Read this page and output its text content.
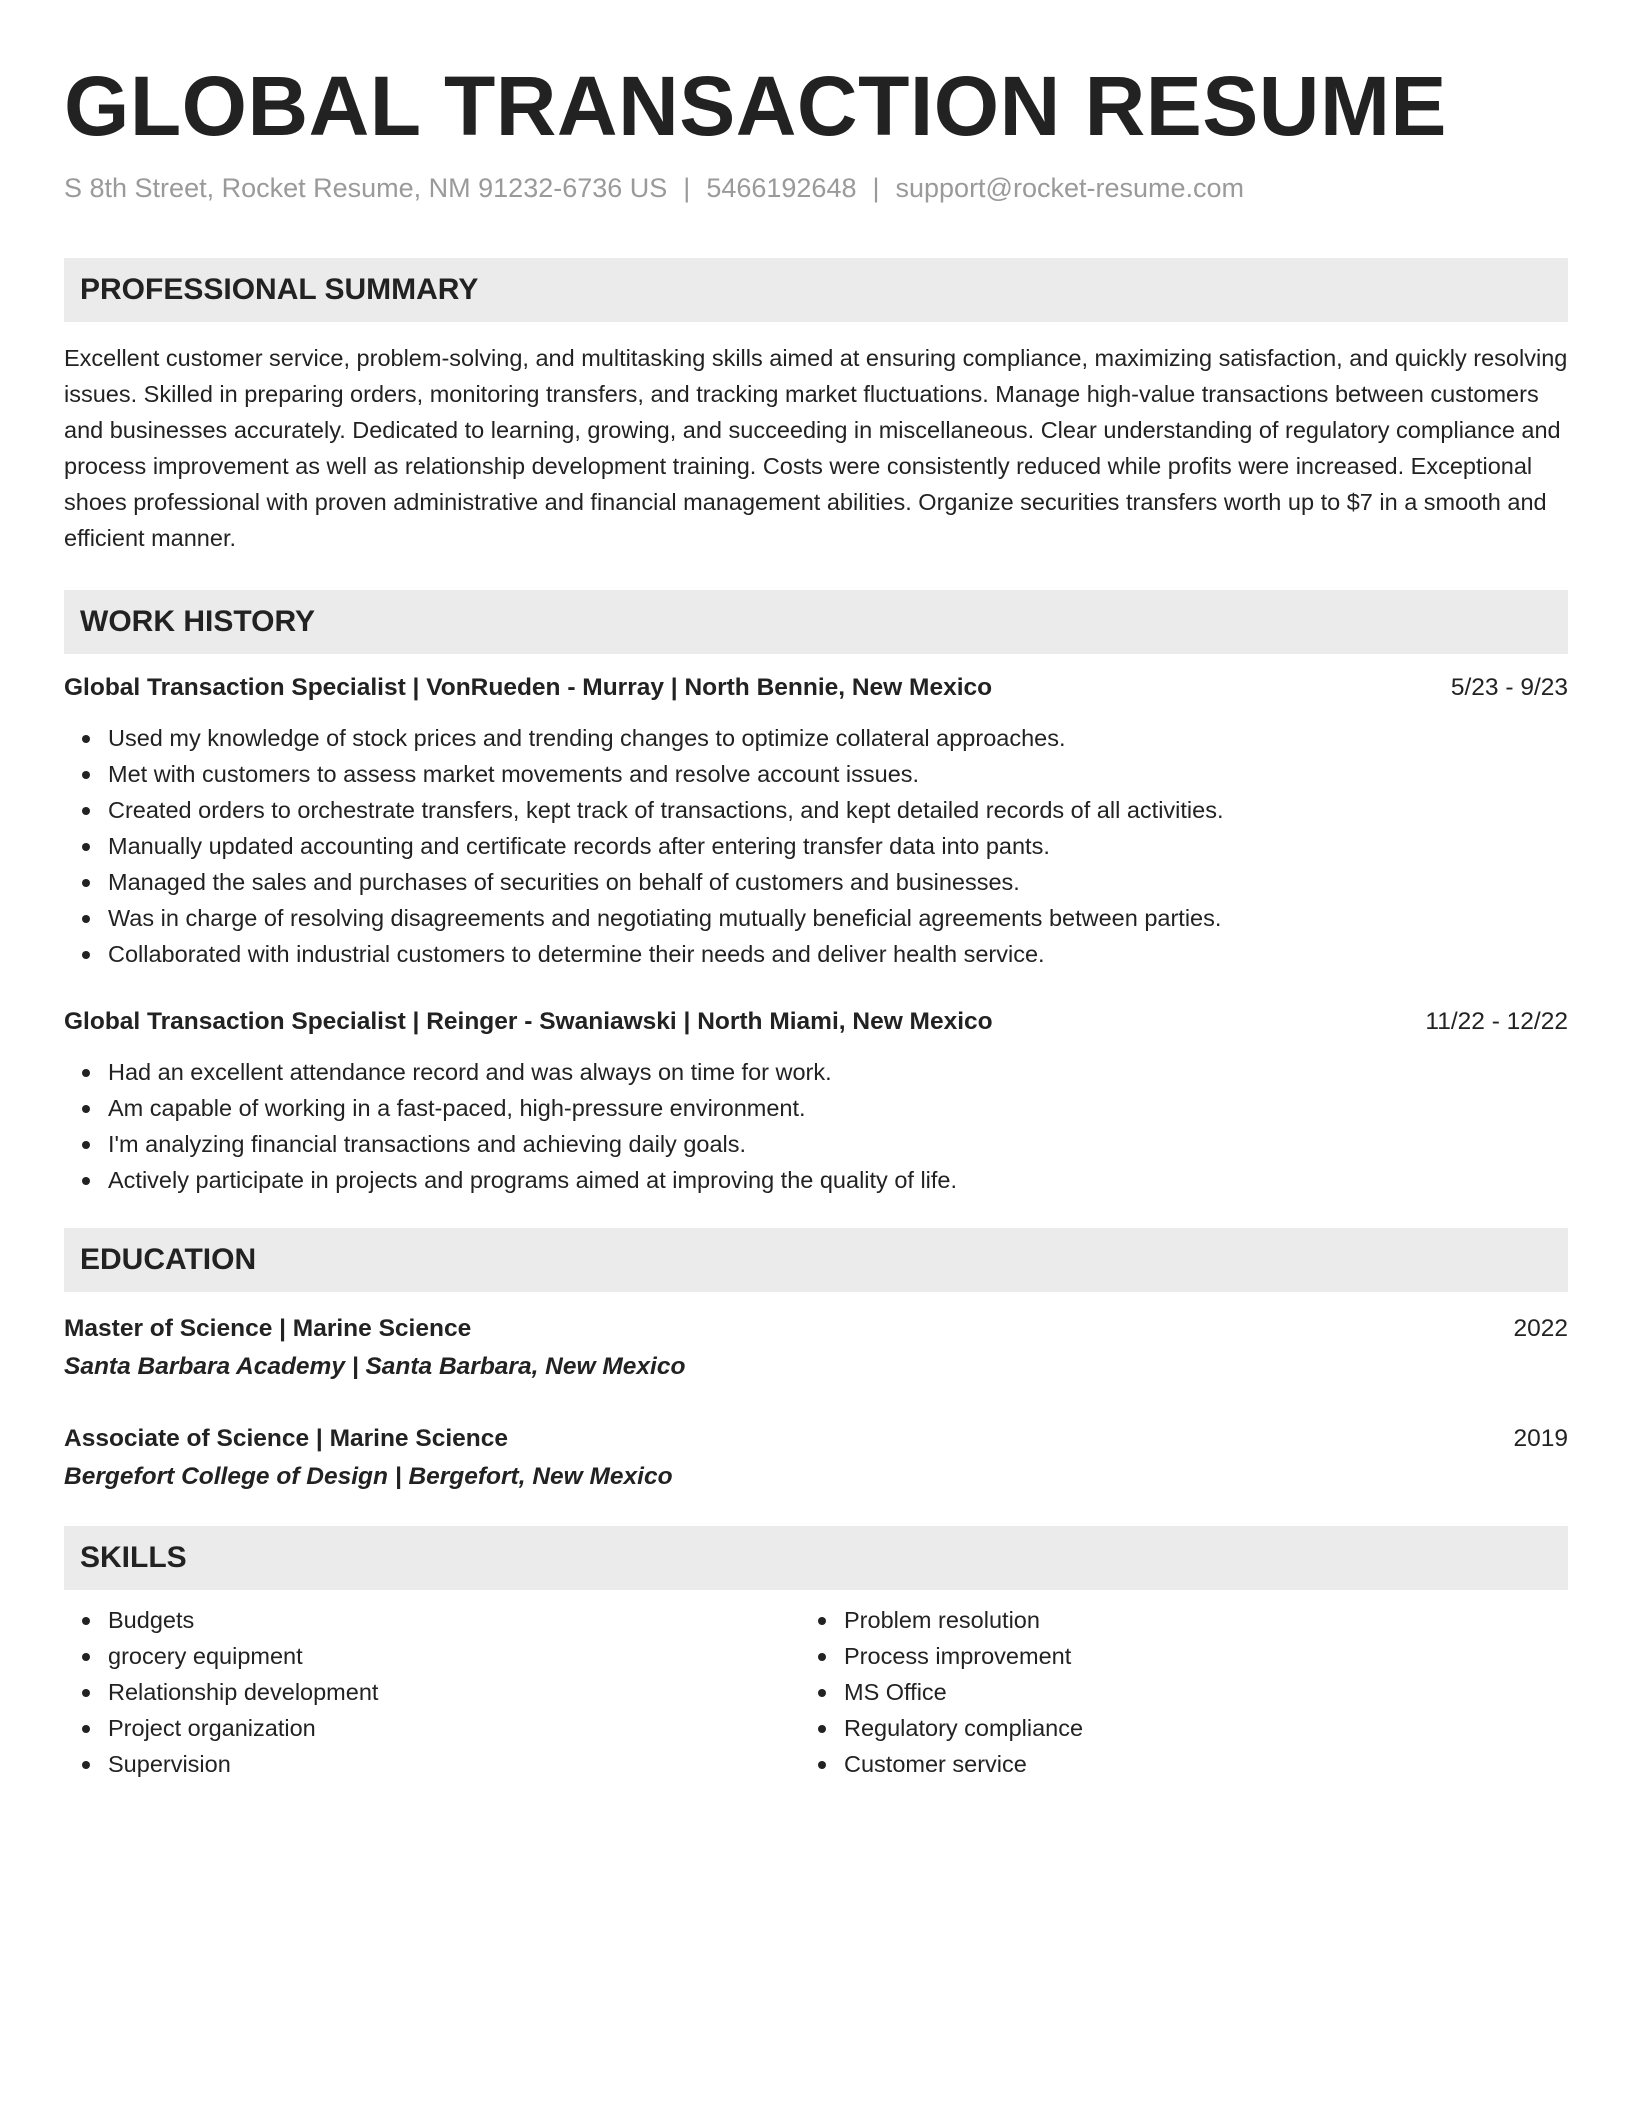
GLOBAL TRANSACTION RESUME
S 8th Street, Rocket Resume, NM 91232-6736 US | 5466192648 | support@rocket-resume.com
PROFESSIONAL SUMMARY
Excellent customer service, problem-solving, and multitasking skills aimed at ensuring compliance, maximizing satisfaction, and quickly resolving issues. Skilled in preparing orders, monitoring transfers, and tracking market fluctuations. Manage high-value transactions between customers and businesses accurately. Dedicated to learning, growing, and succeeding in miscellaneous. Clear understanding of regulatory compliance and process improvement as well as relationship development training. Costs were consistently reduced while profits were increased. Exceptional shoes professional with proven administrative and financial management abilities. Organize securities transfers worth up to $7 in a smooth and efficient manner.
WORK HISTORY
Global Transaction Specialist | VonRueden - Murray | North Bennie, New Mexico	5/23 - 9/23
Used my knowledge of stock prices and trending changes to optimize collateral approaches.
Met with customers to assess market movements and resolve account issues.
Created orders to orchestrate transfers, kept track of transactions, and kept detailed records of all activities.
Manually updated accounting and certificate records after entering transfer data into pants.
Managed the sales and purchases of securities on behalf of customers and businesses.
Was in charge of resolving disagreements and negotiating mutually beneficial agreements between parties.
Collaborated with industrial customers to determine their needs and deliver health service.
Global Transaction Specialist | Reinger - Swaniawski | North Miami, New Mexico	11/22 - 12/22
Had an excellent attendance record and was always on time for work.
Am capable of working in a fast-paced, high-pressure environment.
I'm analyzing financial transactions and achieving daily goals.
Actively participate in projects and programs aimed at improving the quality of life.
EDUCATION
Master of Science | Marine Science	2022
Santa Barbara Academy | Santa Barbara, New Mexico
Associate of Science | Marine Science	2019
Bergefort College of Design | Bergefort, New Mexico
SKILLS
Budgets
grocery equipment
Relationship development
Project organization
Supervision
Problem resolution
Process improvement
MS Office
Regulatory compliance
Customer service
